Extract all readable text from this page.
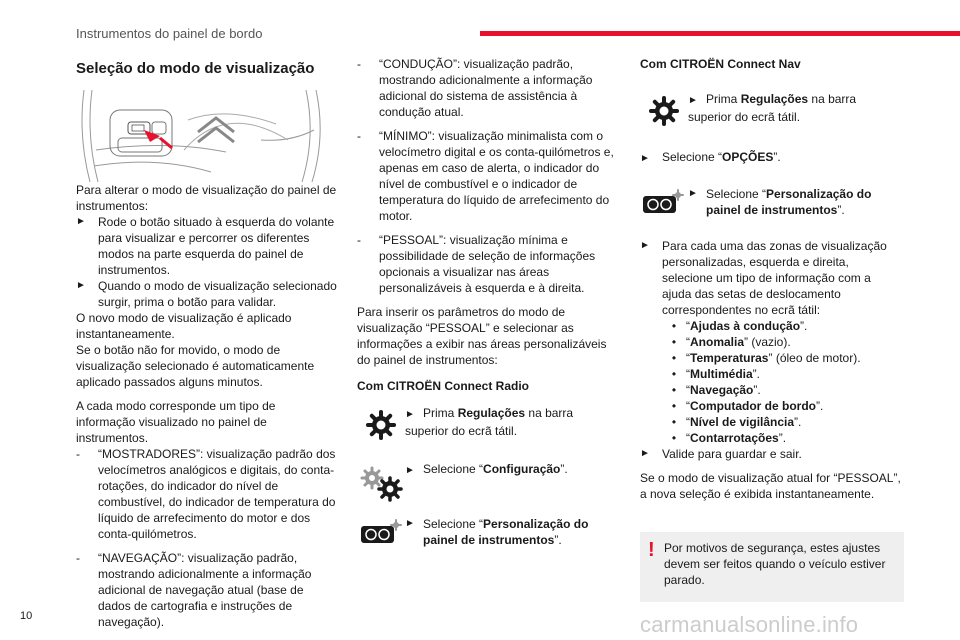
Instrumentos do painel de bordo
Seleção do modo de visualização
Para alterar o modo de visualização do painel de instrumentos:
►	Rode o botão situado à esquerda do volante para visualizar e percorrer os diferentes modos na parte esquerda do painel de instrumentos.
►	Quando o modo de visualização selecionado surgir, prima o botão para validar.
O novo modo de visualização é aplicado instantaneamente.
Se o botão não for movido, o modo de visualização selecionado é automaticamente aplicado passados alguns minutos.
A cada modo corresponde um tipo de informação visualizado no painel de instrumentos.
-	“MOSTRADORES”: visualização padrão dos velocímetros analógicos e digitais, do conta-rotações, do indicador do nível de combustível, do indicador de temperatura do líquido de arrefecimento do motor e dos conta-quilómetros.
-	“NAVEGAÇÃO”: visualização padrão, mostrando adicionalmente a informação adicional de navegação atual (base de dados de cartografia e instruções de navegação).
-	“CONDUÇÃO”: visualização padrão, mostrando adicionalmente a informação adicional do sistema de assistência à condução atual.
-	“MÍNIMO”: visualização minimalista com o velocímetro digital e os conta-quilómetros e, apenas em caso de alerta, o indicador do nível de combustível e o indicador de temperatura do líquido de arrefecimento do motor.
-	“PESSOAL”: visualização mínima e possibilidade de seleção de informações opcionais a visualizar nas áreas personalizáveis à esquerda e à direita.
Para inserir os parâmetros do modo de visualização “PESSOAL” e selecionar as informações a exibir nas áreas personalizáveis do painel de instrumentos:
Com CITROËN Connect Radio
► Prima Regulações na barra superior do ecrã tátil.
► Selecione “Configuração”.
► Selecione “Personalização do painel de instrumentos”.
Com CITROËN Connect Nav
► Prima Regulações na barra superior do ecrã tátil.
► Selecione “OPÇÕES”.
► Selecione “Personalização do painel de instrumentos”.
►	Para cada uma das zonas de visualização personalizadas, esquerda e direita, selecione um tipo de informação com a ajuda das setas de deslocamento correspondentes no ecrã tátil:
• “Ajudas à condução”.
• “Anomalia” (vazio).
• “Temperaturas” (óleo de motor).
• “Multimédia”.
• “Navegação”.
• “Computador de bordo”.
• “Nível de vigilância”.
• “Contarrotações”.
►	Valide para guardar e sair.
Se o modo de visualização atual for “PESSOAL”, a nova seleção é exibida instantaneamente.
! Por motivos de segurança, estes ajustes devem ser feitos quando o veículo estiver parado.
10	carmanualsonline.info
